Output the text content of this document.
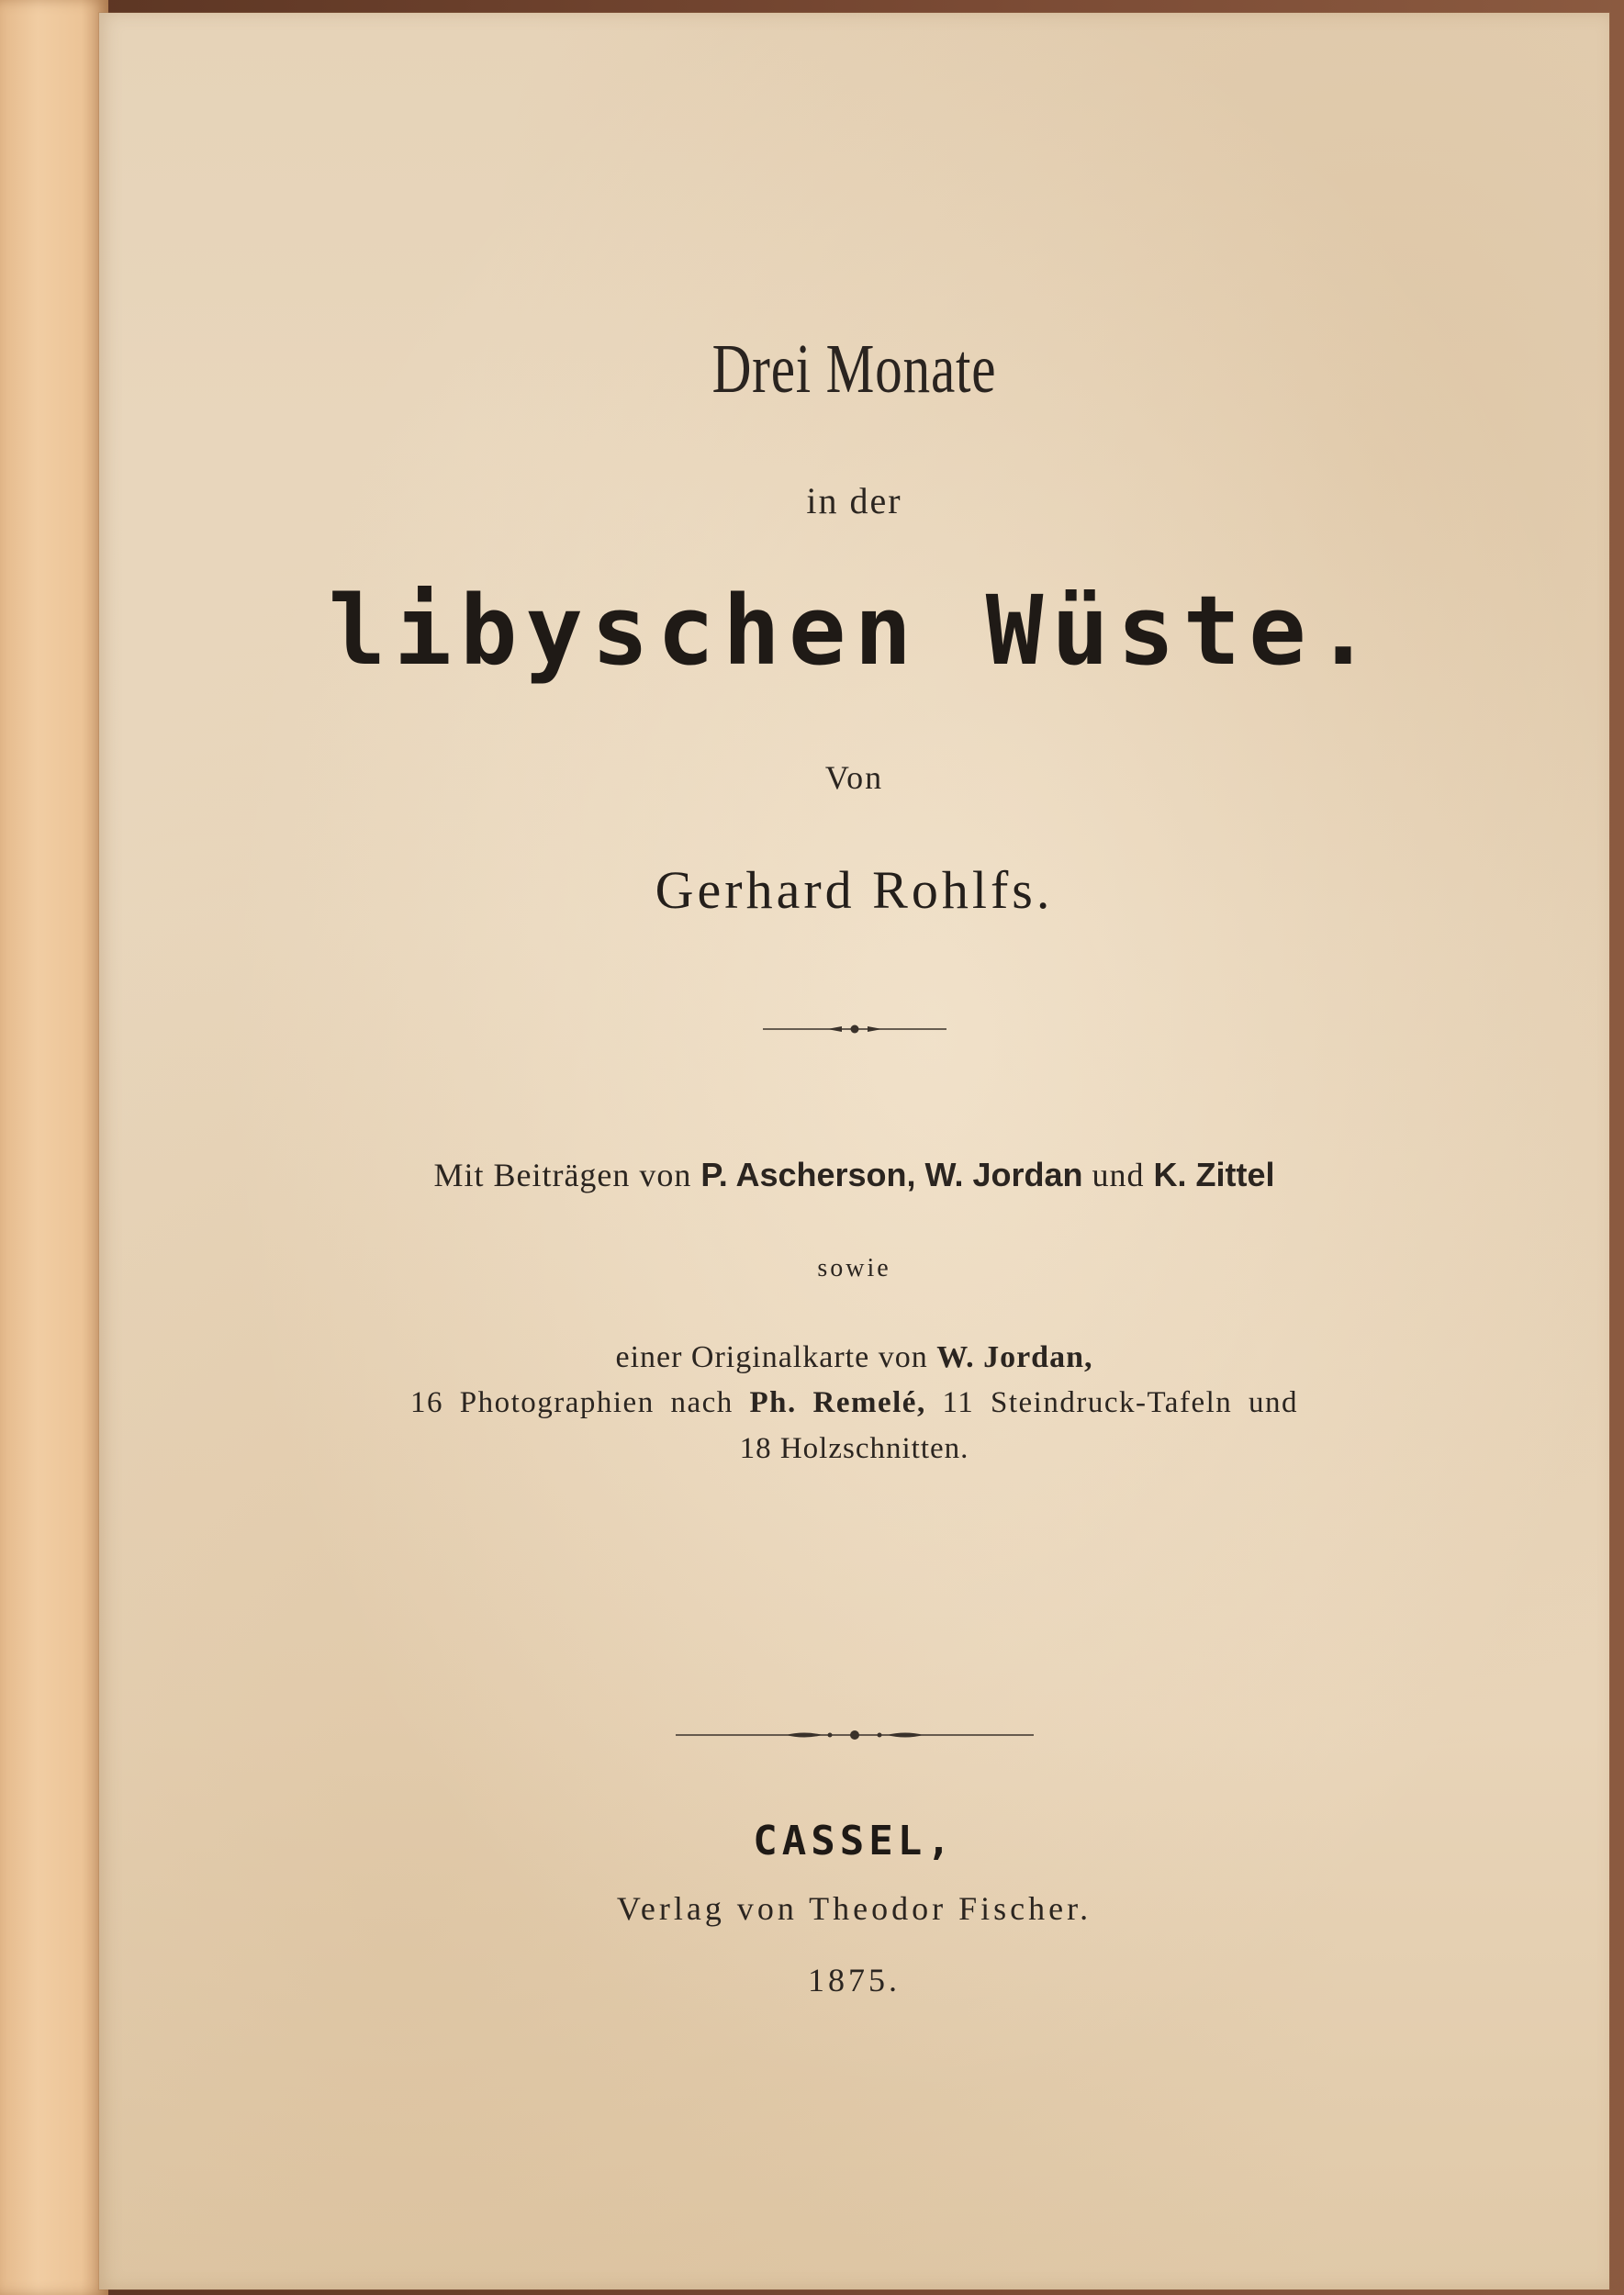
Drei Monate
in der
libyschen Wüste.
Von
Gerhard Rohlfs.
Mit Beiträgen von P. Ascherson, W. Jordan und K. Zittel
sowie
einer Originalkarte von W. Jordan,
16 Photographien nach Ph. Remelé, 11 Steindruck-Tafeln und
18 Holzschnitten.
CASSEL,
Verlag von Theodor Fischer.
1875.
